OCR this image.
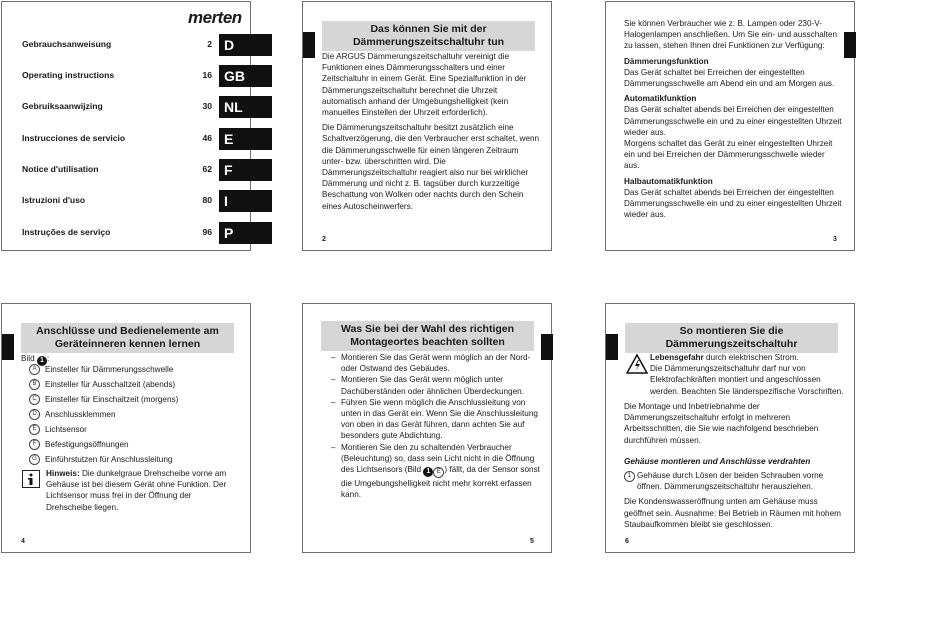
merten
Gebrauchsanweisung	2 D
Operating instructions	16 GB
Gebruiksaanwijzing	30 NL
Instrucciones de servicio	46 E
Notice d'utilisation	62 F
Istruzioni d'uso	80 I
Instruções de serviço	96 P
Das können Sie mit der Dämmerungszeitschaltuhr tun

Die ARGUS Dämmerungszeitschaltuhr vereinigt die Funktionen eines Dämmerungsschalters und einer Zeitschaltuhr in einem Gerät. Eine Spezialfunktion in der Dämmerungszeitschaltuhr berechnet die Uhrzeit automatisch anhand der Umgebungshelligkeit (kein manuelles Einstellen der Uhrzeit erforderlich).

Die Dämmerungszeitschaltuhr besitzt zusätzlich eine Schaltverzögerung, die den Verbraucher erst schaltet, wenn die Dämmerungsschwelle für einen längeren Zeitraum unter- bzw. überschritten wird. Die Dämmerungszeitschaltuhr reagiert also nur bei wirklicher Dämmerung und nicht z. B. tagsüber durch kurzzeitige Beschattung von Wolken oder nachts durch den Schein eines Autoscheinwerfers.

2

Sie können Verbraucher wie z. B. Lampen oder 230-V-Halogenlampen anschließen. Um Sie ein- und ausschalten zu lassen, stehen Ihnen drei Funktionen zur Verfügung:

Dämmerungsfunktion

Das Gerät schaltet bei Erreichen der eingestellten Dämmerungsschwelle am Abend ein und am Morgen aus.

Automatikfunktion
Das Gerät schaltet abends bei Erreichen der eingestellten Dämmerungsschwelle ein und zu einer eingestellten Uhrzeit wieder aus.

Morgens schaltet das Gerät zu einer eingestellten Uhrzeit ein und bei Erreichen der Dämmerungsschwelle wieder aus.

Halbautomatikfunktion

Das Gerät schaltet abends bei Erreichen der eingestellten Dämmerungsschwelle ein und zu einer eingestellten Uhrzeit wieder aus.

3
Anschlüsse und Bedienelemente am Geräteinneren kennen lernen
Bild 1 :
A	Einsteller für Dämmerungsschwelle
B	Einsteller für Ausschaltzeit (abends)
C	Einsteller für Einschaltzeit (morgens)
D	Anschlussklemmen
E	Lichtsensor
F	Befestigungsöffnungen
G Einführstutzen für Anschlussleitung
Hinweis: Die dunkelgraue Drehscheibe vorne am Gehäuse ist bei diesem Gerät ohne Funktion. Der Lichtsensor muss frei in der Öffnung der Drehscheibe liegen.
4
Was Sie bei der Wahl des richtigen Montageortes beachten sollten
– Montieren Sie das Gerät wenn möglich an der Nord- oder Ostwand des Gebäudes.
– Montieren Sie das Gerät wenn möglich unter Dachüberständen oder ähnlichen Überdeckungen.
– Führen Sie wenn möglich die Anschlussleitung von unten in das Gerät ein. Wenn Sie die Anschlussleitung von oben in das Gerät führen, dann achten Sie auf besonders gute Abdichtung.
– Montieren Sie den zu schaltenden Verbraucher (Beleuchtung) so, dass sein Licht nicht in die Öffnung des Lichtsensors (Bild 1 E ) fällt, da der Sensor sonst die Umgebungshelligkeit nicht mehr korrekt erfassen kann.
5
So montieren Sie die Dämmerungszeitschaltuhr
Lebensgefahr durch elektrischen Strom.
Die Dämmerungszeitschaltuhr darf nur von Elektrofachkräften montiert und angeschlossen werden. Beachten Sie länderspezifische Vorschriften.

Die Montage und Inbetriebnahme der Dämmerungszeitschaltuhr erfolgt in mehreren Arbeitsschritten, die Sie wie nachfolgend beschrieben durchführen müssen.

Gehäuse montieren und Anschlüsse verdrahten
1 Gehäuse durch Lösen der beiden Schrauben vorne öffnen. Dämmerungszeitschaltuhr herausziehen.

Die Kondenswasseröffnung unten am Gehäuse muss geöffnet sein. Ausnahme: Bei Betrieb in Räumen mit hohem Staubaufkommen bleibt sie geschlossen.

6
